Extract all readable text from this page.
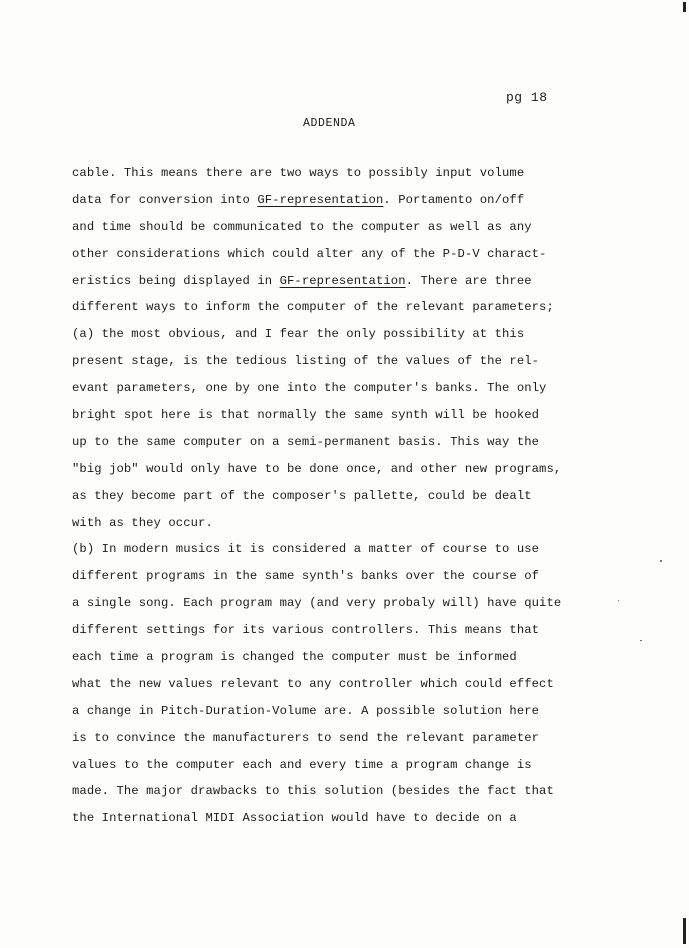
pg 18
ADDENDA
cable. This means there are two ways to possibly input volume
data for conversion into GF-representation. Portamento on/off
and time should be communicated to the computer as well as any
other considerations which could alter any of the P-D-V charact-
eristics being displayed in GF-representation. There are three
different ways to inform the computer of the relevant parameters;
(a) the most obvious, and I fear the only possibility at this
present stage, is the tedious listing of the values of the rel-
evant parameters, one by one into the computer's banks. The only
bright spot here is that normally the same synth will be hooked
up to the same computer on a semi-permanent basis. This way the
"big job" would only have to be done once, and other new programs,
as they become part of the composer's pallette, could be dealt
with as they occur.
(b) In modern musics it is considered a matter of course to use
different programs in the same synth's banks over the course of
a single song. Each program may (and very probaly will) have quite
different settings for its various controllers. This means that
each time a program is changed the computer must be informed
what the new values relevant to any controller which could effect
a change in Pitch-Duration-Volume are. A possible solution here
is to convince the manufacturers to send the relevant parameter
values to the computer each and every time a program change is
made. The major drawbacks to this solution (besides the fact that
the International MIDI Association would have to decide on a
